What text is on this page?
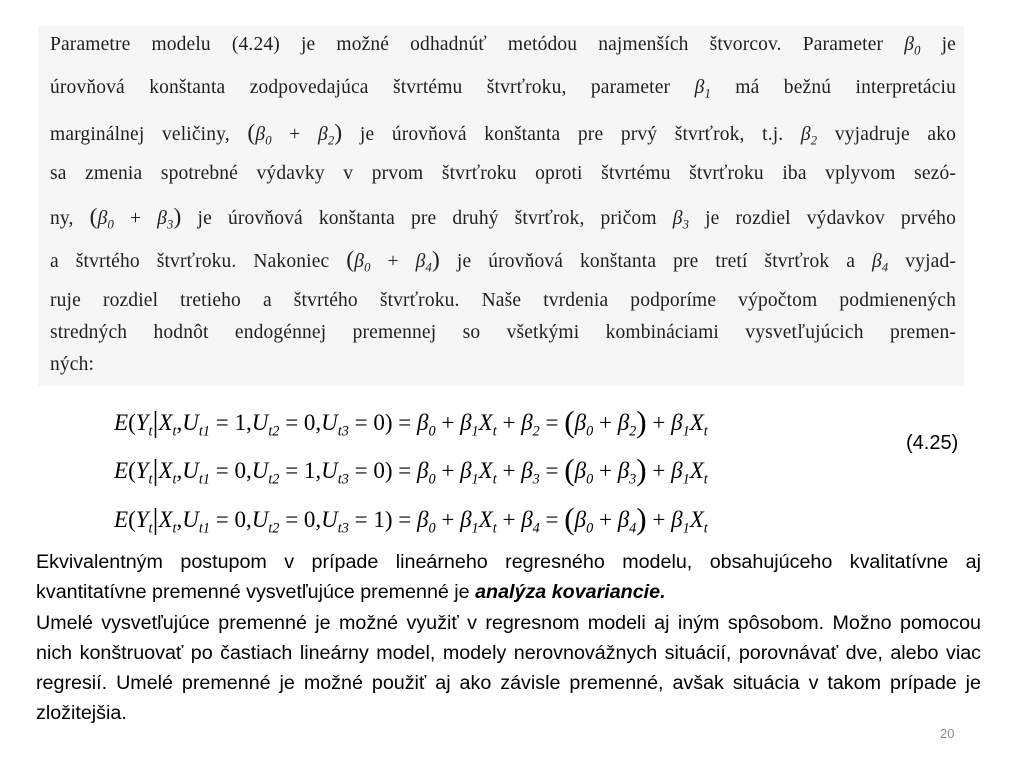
Parametre modelu (4.24) je možné odhadnúť metódou najmenších štvorcov. Parameter $\beta_0$ je
úrovňová konštanta zodpovedajúca štvrtému štvrťroku, parameter $\beta_1$ má bežnú interpretáciu
marginálnej veličiny, $(\beta_0 + \beta_2)$ je úrovňová konštanta pre prvý štvrťrok, t.j. $\beta_2$ vyjadruje ako
sa zmenia spotrebné výdavky v prvom štvrťroku oproti štvrtému štvrťroku iba vplyvom sezó-
ny, $(\beta_0 + \beta_3)$ je úrovňová konštanta pre druhý štvrťrok, pričom $\beta_3$ je rozdiel výdavkov prvého
a štvrtého štvrťroku. Nakoniec $(\beta_0 + \beta_4)$ je úrovňová konštanta pre tretí štvrťrok a $\beta_4$ vyjad-
ruje rozdiel tretieho a štvrtého štvrťroku. Naše tvrdenia podporíme výpočtom podmienených
stredných hodnôt endogénnej premennej so všetkými kombináciami vysvetľujúcich premen-
ných:
$E(Y_t|X_t,U_{t1} = 1,U_{t2} = 0,U_{t3} = 0) = \beta_0 + \beta_1X_t + \beta_2 = (\beta_0 + \beta_2) + \beta_1X_t$
$E(Y_t|X_t,U_{t1} = 0,U_{t2} = 1,U_{t3} = 0) = \beta_0 + \beta_1X_t + \beta_3 = (\beta_0 + \beta_3) + \beta_1X_t$
$E(Y_t|X_t,U_{t1} = 0,U_{t2} = 0,U_{t3} = 1) = \beta_0 + \beta_1X_t + \beta_4 = (\beta_0 + \beta_4) + \beta_1X_t$
(4.25)
Ekvivalentným postupom v prípade lineárneho regresného modelu, obsahujúceho kvalitatívne aj kvantitatívne premenné vysvetľujúce premenné je analýza kovariancie.
Umelé vysvetľujúce premenné je možné využiť v regresnom modeli aj iným spôsobom. Možno pomocou nich konštruovať po častiach lineárny model, modely nerovnovážnych situácií, porovnávať dve, alebo viac regresií. Umelé premenné je možné použiť aj ako závisle premenné, avšak situácia v takom prípade je zložitejšia.
20
